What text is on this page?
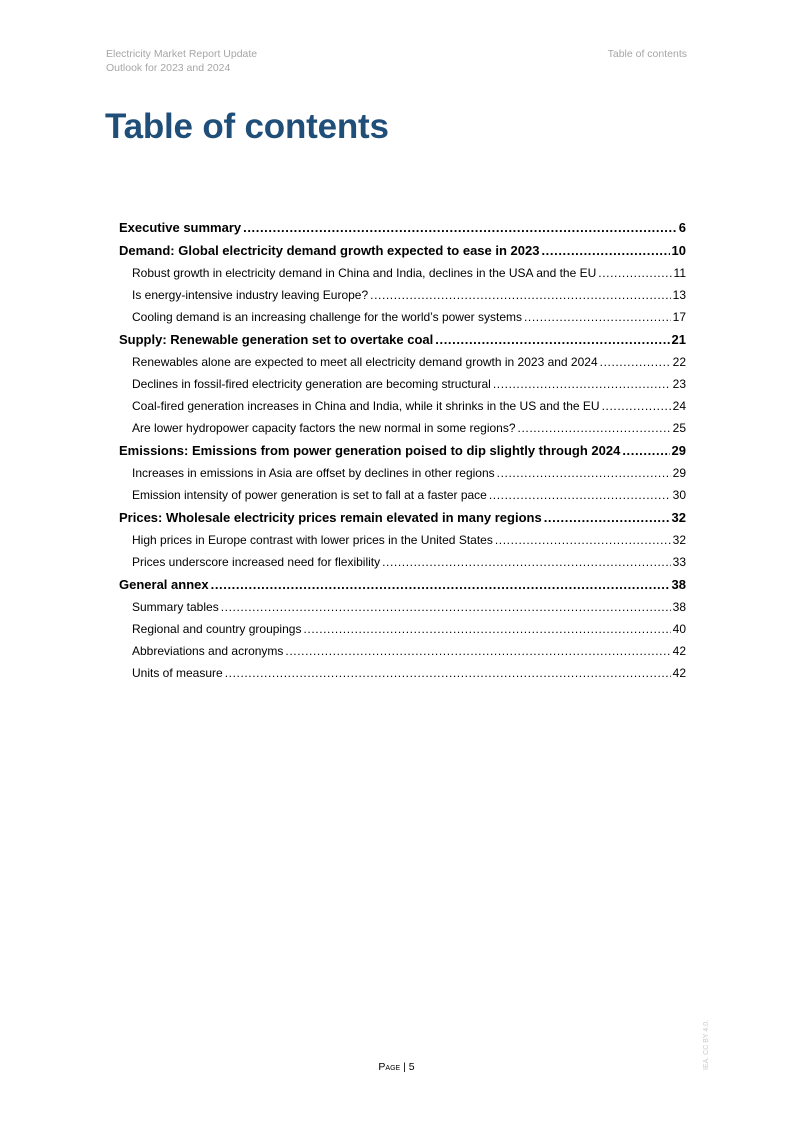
Electricity Market Report Update
Outlook for 2023 and 2024
Table of contents
Table of contents
Executive summary .....	6
Demand: Global electricity demand growth expected to ease in 2023 .....	10
Robust growth in electricity demand in China and India, declines in the USA and the EU .....	11
Is energy-intensive industry leaving Europe? .....	13
Cooling demand is an increasing challenge for the world’s power systems .....	17
Supply: Renewable generation set to overtake coal .....	21
Renewables alone are expected to meet all electricity demand growth in 2023 and 2024 .....	22
Declines in fossil-fired electricity generation are becoming structural .....	23
Coal-fired generation increases in China and India, while it shrinks in the US and the EU .....	24
Are lower hydropower capacity factors the new normal in some regions? .....	25
Emissions: Emissions from power generation poised to dip slightly through 2024 .....	29
Increases in emissions in Asia are offset by declines in other regions .....	29
Emission intensity of power generation is set to fall at a faster pace .....	30
Prices: Wholesale electricity prices remain elevated in many regions .....	32
High prices in Europe contrast with lower prices in the United States .....	32
Prices underscore increased need for flexibility .....	33
General annex .....	38
Summary tables .....	38
Regional and country groupings .....	40
Abbreviations and acronyms .....	42
Units of measure .....	42
Page | 5	IEA. CC BY 4.0.
